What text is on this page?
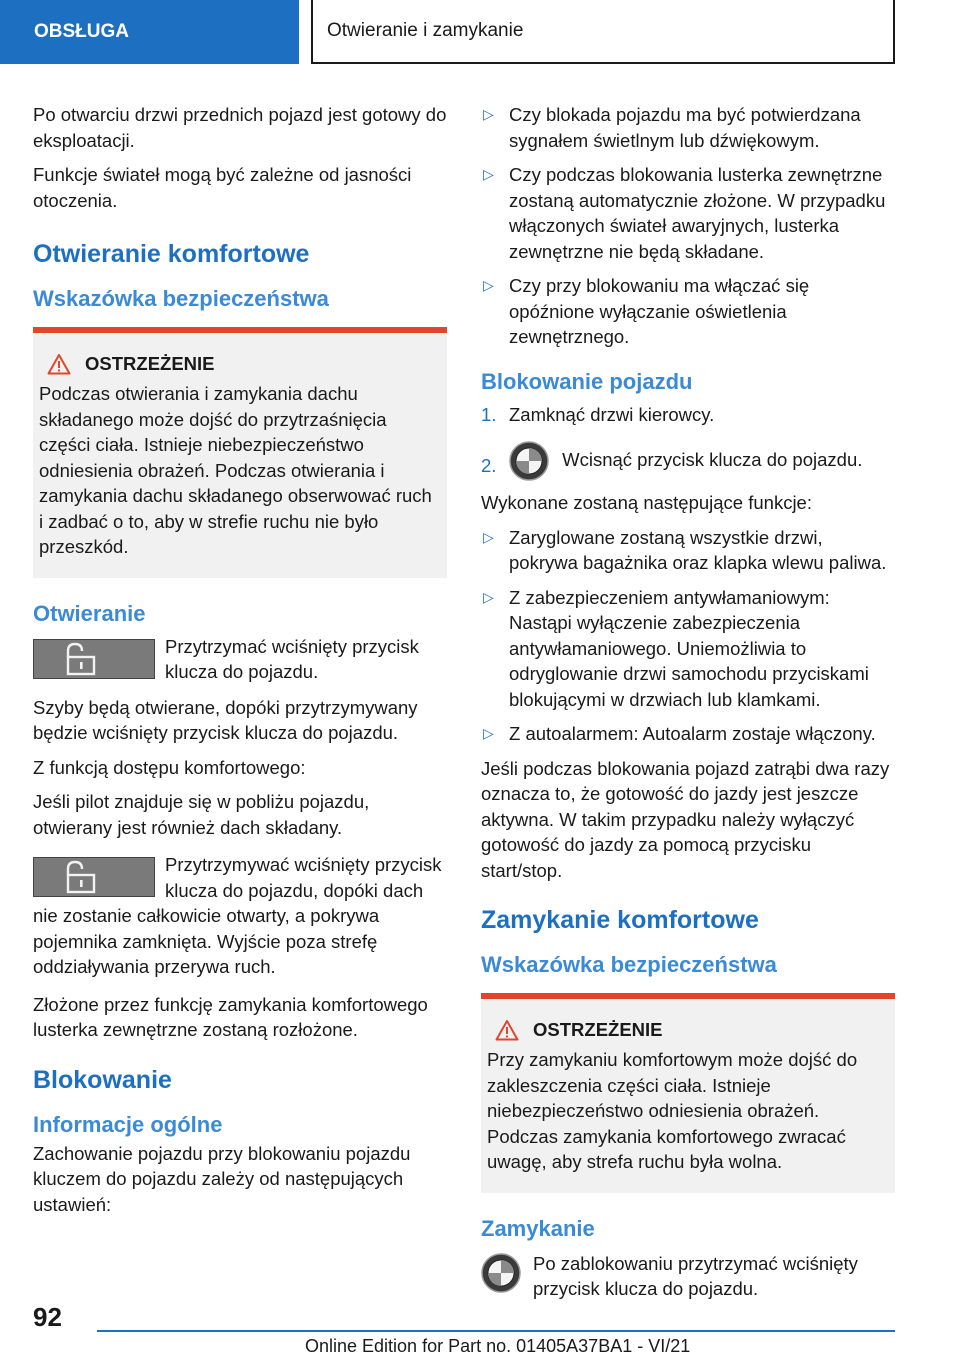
OBSŁUGA	Otwieranie i zamykanie

Po otwarciu drzwi przednich pojazd jest gotowy do eksploatacji.

Funkcje świateł mogą być zależne od jasności otoczenia.

Otwieranie komfortowe
Wskazówka bezpieczeństwa
OSTRZEŻENIE

Podczas otwierania i zamykania dachu składanego może dojść do przytrzaśnięcia części ciała. Istnieje niebezpieczeństwo odniesienia obrażeń. Podczas otwierania i zamykania dachu składanego obserwować ruch i zadbać o to, aby w strefie ruchu nie było przeszkód.

Otwieranie

Przytrzymać wciśnięty przycisk klucza do pojazdu.

Szyby będą otwierane, dopóki przytrzymywany będzie wciśnięty przycisk klucza do pojazdu.

Z funkcją dostępu komfortowego:

Jeśli pilot znajduje się w pobliżu pojazdu, otwierany jest również dach składany.

Przytrzymywać wciśnięty przycisk klucza do pojazdu, dopóki dach nie zostanie całkowicie otwarty, a pokrywa pojemnika zamknięta. Wyjście poza strefę oddziaływania przerywa ruch.

Złożone przez funkcję zamykania komfortowego lusterka zewnętrzne zostaną rozłożone.

Blokowanie
Informacje ogólne

Zachowanie pojazdu przy blokowaniu pojazdu kluczem do pojazdu zależy od następujących ustawień:

▷ Czy blokada pojazdu ma być potwierdzana sygnałem świetlnym lub dźwiękowym.
▷ Czy podczas blokowania lusterka zewnętrzne zostaną automatycznie złożone. W przypadku włączonych świateł awaryjnych, lusterka zewnętrzne nie będą składane.
▷ Czy przy blokowaniu ma włączać się opóźnione wyłączanie oświetlenia zewnętrznego.
Blokowanie pojazdu
1. Zamknąć drzwi kierowcy.
2.	Wcisnąć przycisk klucza do pojazdu.

Wykonane zostaną następujące funkcje:

▷ Zaryglowane zostaną wszystkie drzwi, pokrywa bagażnika oraz klapka wlewu paliwa.
▷ Z zabezpieczeniem antywłamaniowym: Nastąpi wyłączenie zabezpieczenia antywłamaniowego. Uniemożliwia to odryglowanie drzwi samochodu przyciskami blokującymi w drzwiach lub klamkami.
▷ Z autoalarmem: Autoalarm zostaje włączony.

Jeśli podczas blokowania pojazd zatrąbi dwa razy oznacza to, że gotowość do jazdy jest jeszcze aktywna. W takim przypadku należy wyłączyć gotowość do jazdy za pomocą przycisku start/stop.

Zamykanie komfortowe
Wskazówka bezpieczeństwa
OSTRZEŻENIE

Przy zamykaniu komfortowym może dojść do zakleszczenia części ciała. Istnieje niebezpieczeństwo odniesienia obrażeń. Podczas zamykania komfortowego zwracać uwagę, aby strefa ruchu była wolna.

Zamykanie

Po zablokowaniu przytrzymać wciśnięty przycisk klucza do pojazdu.

92
Online Edition for Part no. 01405A37BA1 - VI/21
